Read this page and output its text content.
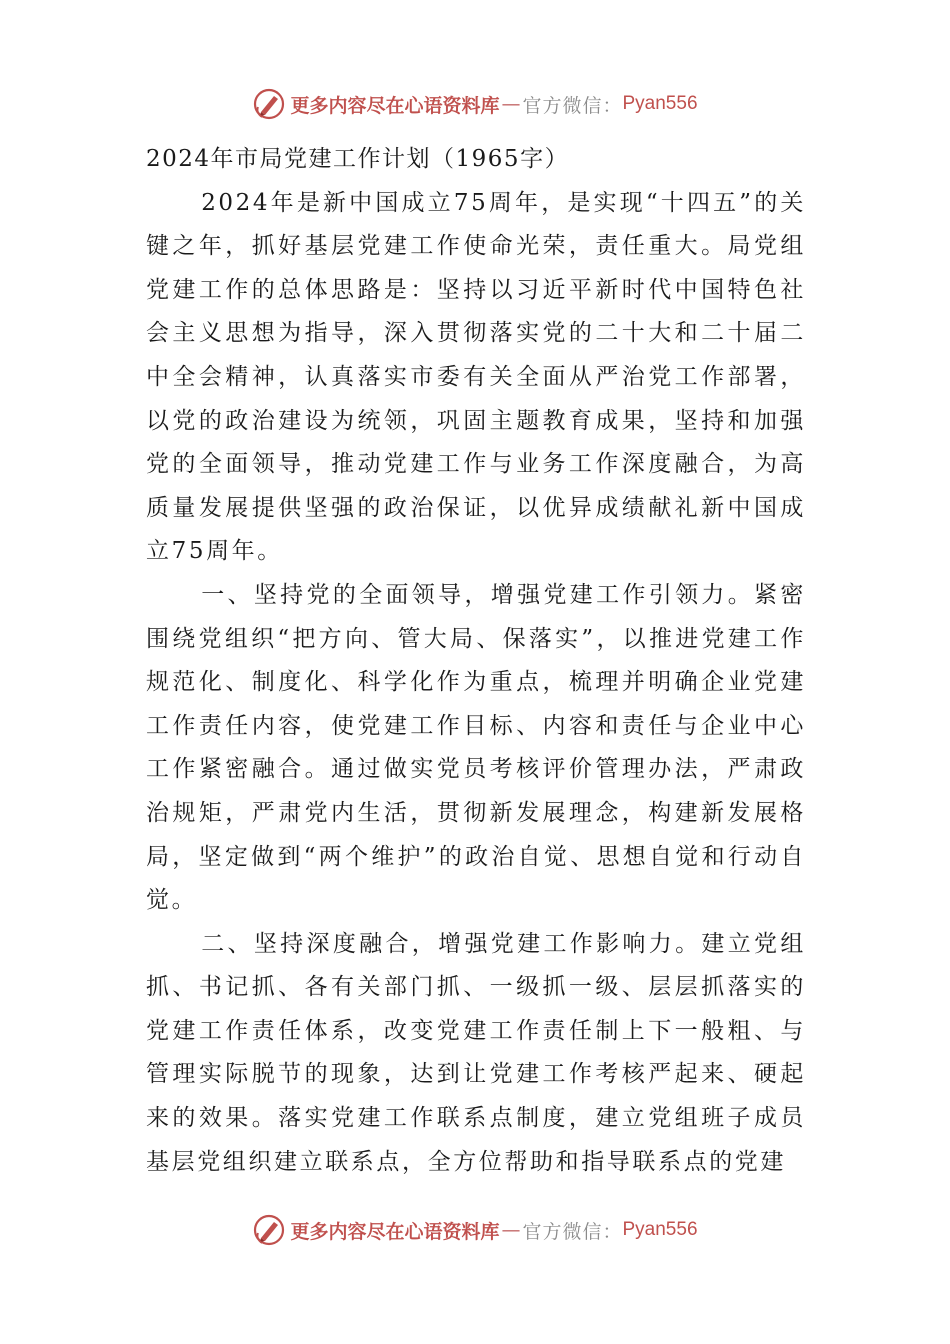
更多内容尽在心语资料库 — 官方微信： Pyan556

2024年市局党建工作计划（1965字）

2024年是新中国成立75周年，是实现“十四五”的关键之年，抓好基层党建工作使命光荣，责任重大。局党组党建工作的总体思路是：坚持以习近平新时代中国特色社会主义思想为指导，深入贯彻落实党的二十大和二十届二中全会精神，认真落实市委有关全面从严治党工作部署，以党的政治建设为统领，巩固主题教育成果，坚持和加强党的全面领导，推动党建工作与业务工作深度融合，为高质量发展提供坚强的政治保证，以优异成绩献礼新中国成立75周年。

一、坚持党的全面领导，增强党建工作引领力。紧密围绕党组织“把方向、管大局、保落实”，以推进党建工作规范化、制度化、科学化作为重点，梳理并明确企业党建工作责任内容，使党建工作目标、内容和责任与企业中心工作紧密融合。通过做实党员考核评价管理办法，严肃政治规矩，严肃党内生活，贯彻新发展理念，构建新发展格局，坚定做到“两个维护”的政治自觉、思想自觉和行动自觉。

二、坚持深度融合，增强党建工作影响力。建立党组抓、书记抓、各有关部门抓、一级抓一级、层层抓落实的党建工作责任体系，改变党建工作责任制上下一般粗、与管理实际脱节的现象，达到让党建工作考核严起来、硬起来的效果。落实党建工作联系点制度，建立党组班子成员基层党组织建立联系点，全方位帮助和指导联系点的党建

更多内容尽在心语资料库 — 官方微信： Pyan556
